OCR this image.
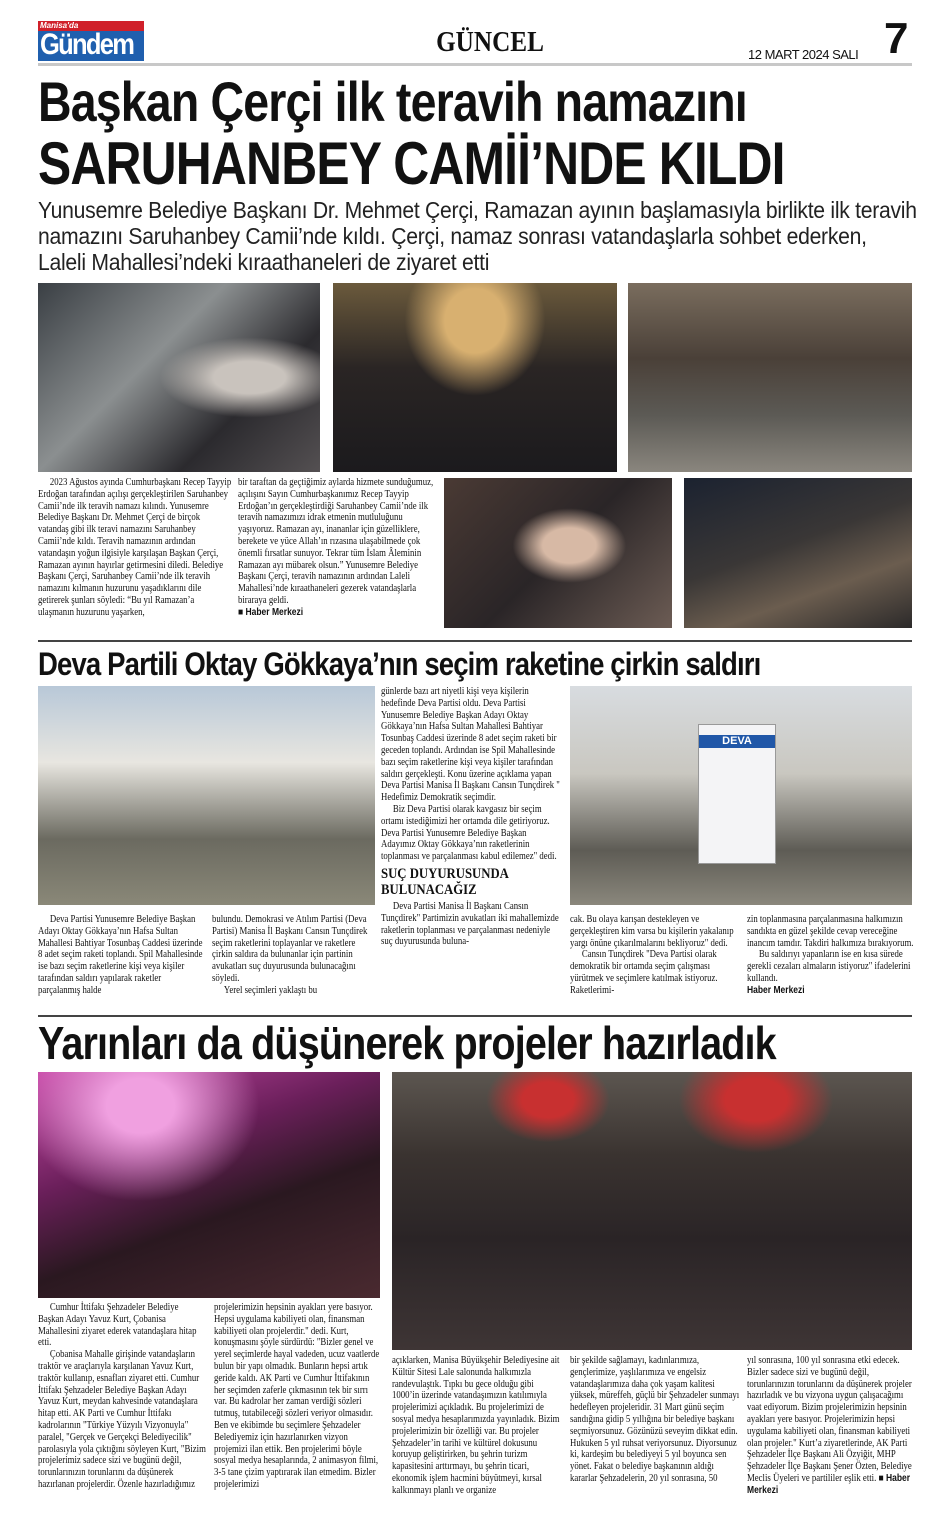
Manisa'da
Gündem	GÜNCEL	12 MART 2024 SALI 7
Başkan Çerçi ilk teravih namazını
SARUHANBEY CAMİİ’NDE KILDI
Yunusemre Belediye Başkanı Dr. Mehmet Çerçi, Ramazan ayının başlamasıyla birlikte ilk teravih namazını Saruhanbey Camii’nde kıldı. Çerçi, namaz sonrası vatandaşlarla sohbet ederken, Laleli Mahallesi’ndeki kıraathaneleri de ziyaret etti

2023 Ağustos ayında Cumhurbaşkanı Recep Tayyip Erdoğan tarafından açılışı gerçekleştirilen Saruhanbey Camii’nde ilk teravih namazı kılındı. Yunusemre Belediye Başkanı Dr. Mehmet Çerçi de birçok vatandaş gibi ilk teravi namazını Saruhanbey Camii’nde kıldı. Teravih namazının ardından vatandaşın yoğun ilgisiyle karşılaşan Başkan Çerçi, Ramazan ayının hayırlar getirmesini diledi. Belediye Başkanı Çerçi, Saruhanbey Camii’nde ilk teravih namazını kılmanın huzurunu yaşadıklarını dile getirerek şunları söyledi: “Bu yıl Ramazan’a ulaşmanın huzurunu yaşarken,

bir taraftan da geçtiğimiz aylarda hizmete sunduğumuz, açılışını Sayın Cumhurbaşkanımız Recep Tayyip Erdoğan’ın gerçekleştirdiği Saruhanbey Camii’nde ilk teravih namazımızı idrak etmenin mutluluğunu yaşıyoruz. Ramazan ayı, inananlar için güzelliklere, berekete ve yüce Allah’ın rızasına ulaşabilmede çok önemli fırsatlar sunuyor. Tekrar tüm İslam Âleminin Ramazan ayı mübarek olsun.” Yunusemre Belediye Başkanı Çerçi, teravih namazının ardından Laleli Mahallesi’nde kıraathaneleri gezerek vatandaşlarla biraraya geldi.

■ Haber Merkezi
DEVA
Deva Partili Oktay Gökkaya’nın seçim raketine çirkin saldırı

günlerde bazı art niyetli kişi veya kişilerin hedefinde Deva Partisi oldu. Deva Partisi Yunusemre Belediye Başkan Adayı Oktay Gökkaya’nın Hafsa Sultan Mahallesi Bahtiyar Tosunbaş Caddesi üzerinde 8 adet seçim raketi bir geceden toplandı. Ardından ise Spil Mahallesinde bazı seçim raketlerine kişi veya kişiler tarafından saldırı gerçekleşti. Konu üzerine açıklama yapan Deva Partisi Manisa İl Başkanı Cansın Tunçdirek " Hedefimiz Demokratik seçimdir.

Biz Deva Partisi olarak kavgasız bir seçim ortamı istediğimizi her ortamda dile getiriyoruz. Deva Partisi Yunusemre Belediye Başkan Adayımız Oktay Gökkaya’nın raketlerinin toplanması ve parçalanması kabul edilemez" dedi.

SUÇ DUYURUSUNDA BULUNACAĞIZ

Deva Partisi Manisa İl Başkanı Cansın Tunçdirek" Partimizin avukatları iki mahallemizde raketlerin toplanması ve parçalanması nedeniyle suç duyurusunda buluna-

Deva Partisi Yunusemre Belediye Başkan Adayı Oktay Gökkaya’nın Hafsa Sultan Mahallesi Bahtiyar Tosunbaş Caddesi üzerinde 8 adet seçim raketi toplandı. Spil Mahallesinde ise bazı seçim raketlerine kişi veya kişiler tarafından saldırı yapılarak raketler parçalanmış halde

bulundu. Demokrasi ve Atılım Partisi (Deva Partisi) Manisa İl Başkanı Cansın Tunçdirek seçim raketlerini toplayanlar ve raketlere çirkin saldıra da bulunanlar için partinin avukatları suç duyurusunda bulunacağını söyledi.

Yerel seçimleri yaklaştı bu

cak. Bu olaya karışan destekleyen ve gerçekleştiren kim varsa bu kişilerin yakalanıp yargı önüne çıkarılmalarını bekliyoruz" dedi.

Cansın Tunçdirek "Deva Partisi olarak demokratik bir ortamda seçim çalışması yürütmek ve seçimlere katılmak istiyoruz. Raketlerimi-

zin toplanmasına parçalanmasına halkımızın sandıkta en güzel şekilde cevap vereceğine inancım tamdır. Takdiri halkımıza bırakıyorum.

Bu saldırıyı yapanların ise en kısa sürede gerekli cezaları almaların istiyoruz" ifadelerini kullandı.

Haber Merkezi
Yarınları da düşünerek projeler hazırladık

Cumhur İttifakı Şehzadeler Belediye Başkan Adayı Yavuz Kurt, Çobanisa Mahallesini ziyaret ederek vatandaşlara hitap etti.

Çobanisa Mahalle girişinde vatandaşların traktör ve araçlarıyla karşılanan Yavuz Kurt, traktör kullanıp, esnafları ziyaret etti. Cumhur İttifakı Şehzadeler Belediye Başkan Adayı Yavuz Kurt, meydan kahvesinde vatandaşlara hitap etti. AK Parti ve Cumhur İttifakı kadrolarının "Türkiye Yüzyılı Vizyonuyla" paralel, "Gerçek ve Gerçekçi Belediyecilik" parolasıyla yola çıktığını söyleyen Kurt, "Bizim projelerimiz sadece sizi ve bugünü değil, torunlarınızın torunlarını da düşünerek hazırlanan projelerdir. Özenle hazırladığımız

projelerimizin hepsinin ayakları yere basıyor. Hepsi uygulama kabiliyeti olan, finansman kabiliyeti olan projelerdir." dedi. Kurt, konuşmasını şöyle sürdürdü: "Bizler genel ve yerel seçimlerde hayal vadeden, ucuz vaatlerde bulun bir yapı olmadık. Bunların hepsi artık geride kaldı. AK Parti ve Cumhur İttifakının her seçimden zaferle çıkmasının tek bir sırrı var. Bu kadrolar her zaman verdiği sözleri tutmuş, tutabileceği sözleri veriyor olmasıdır. Ben ve ekibimde bu seçimlere Şehzadeler Belediyemiz için hazırlanırken vizyon projemizi ilan ettik. Ben projelerimi böyle sosyal medya hesaplarında, 2 animasyon filmi, 3-5 tane çizim yaptırarak ilan etmedim. Bizler projelerimizi

açıklarken, Manisa Büyükşehir Belediyesine ait Kültür Sitesi Lale salonunda halkımızla randevulaştık. Tıpkı bu gece olduğu gibi 1000’in üzerinde vatandaşımızın katılımıyla projelerimizi açıkladık. Bu projelerimizi de sosyal medya hesaplarımızda yayınladık. Bizim projelerimizin bir özelliği var. Bu projeler Şehzadeler’in tarihi ve kültürel dokusunu koruyup geliştirirken, bu şehrin turizm kapasitesini arttırmayı, bu şehrin ticari, ekonomik işlem hacmini büyütmeyi, kırsal kalkınmayı planlı ve organize

bir şekilde sağlamayı, kadınlarımıza, gençlerimize, yaşlılarımıza ve engelsiz vatandaşlarımıza daha çok yaşam kalitesi yüksek, müreffeh, güçlü bir Şehzadeler sunmayı hedefleyen projeleridir. 31 Mart günü seçim sandığına gidip 5 yıllığına bir belediye başkanı seçmiyorsunuz. Gözünüzü seveyim dikkat edin. Hukuken 5 yıl ruhsat veriyorsunuz. Diyorsunuz ki, kardeşim bu belediyeyi 5 yıl boyunca sen yönet. Fakat o belediye başkanının aldığı kararlar Şehzadelerin, 20 yıl sonrasına, 50

yıl sonrasına, 100 yıl sonrasına etki edecek. Bizler sadece sizi ve bugünü değil, torunlarınızın torunlarını da düşünerek projeler hazırladık ve bu vizyona uygun çalışacağımı vaat ediyorum. Bizim projelerimizin hepsinin ayakları yere basıyor. Projelerimizin hepsi uygulama kabiliyeti olan, finansman kabiliyeti olan projeler." Kurt’a ziyaretlerinde, AK Parti Şehzadeler İlçe Başkanı Ali Özyiğit, MHP Şehzadeler İlçe Başkanı Şener Özten, Belediye Meclis Üyeleri ve partililer eşlik etti. ■ Haber Merkezi
